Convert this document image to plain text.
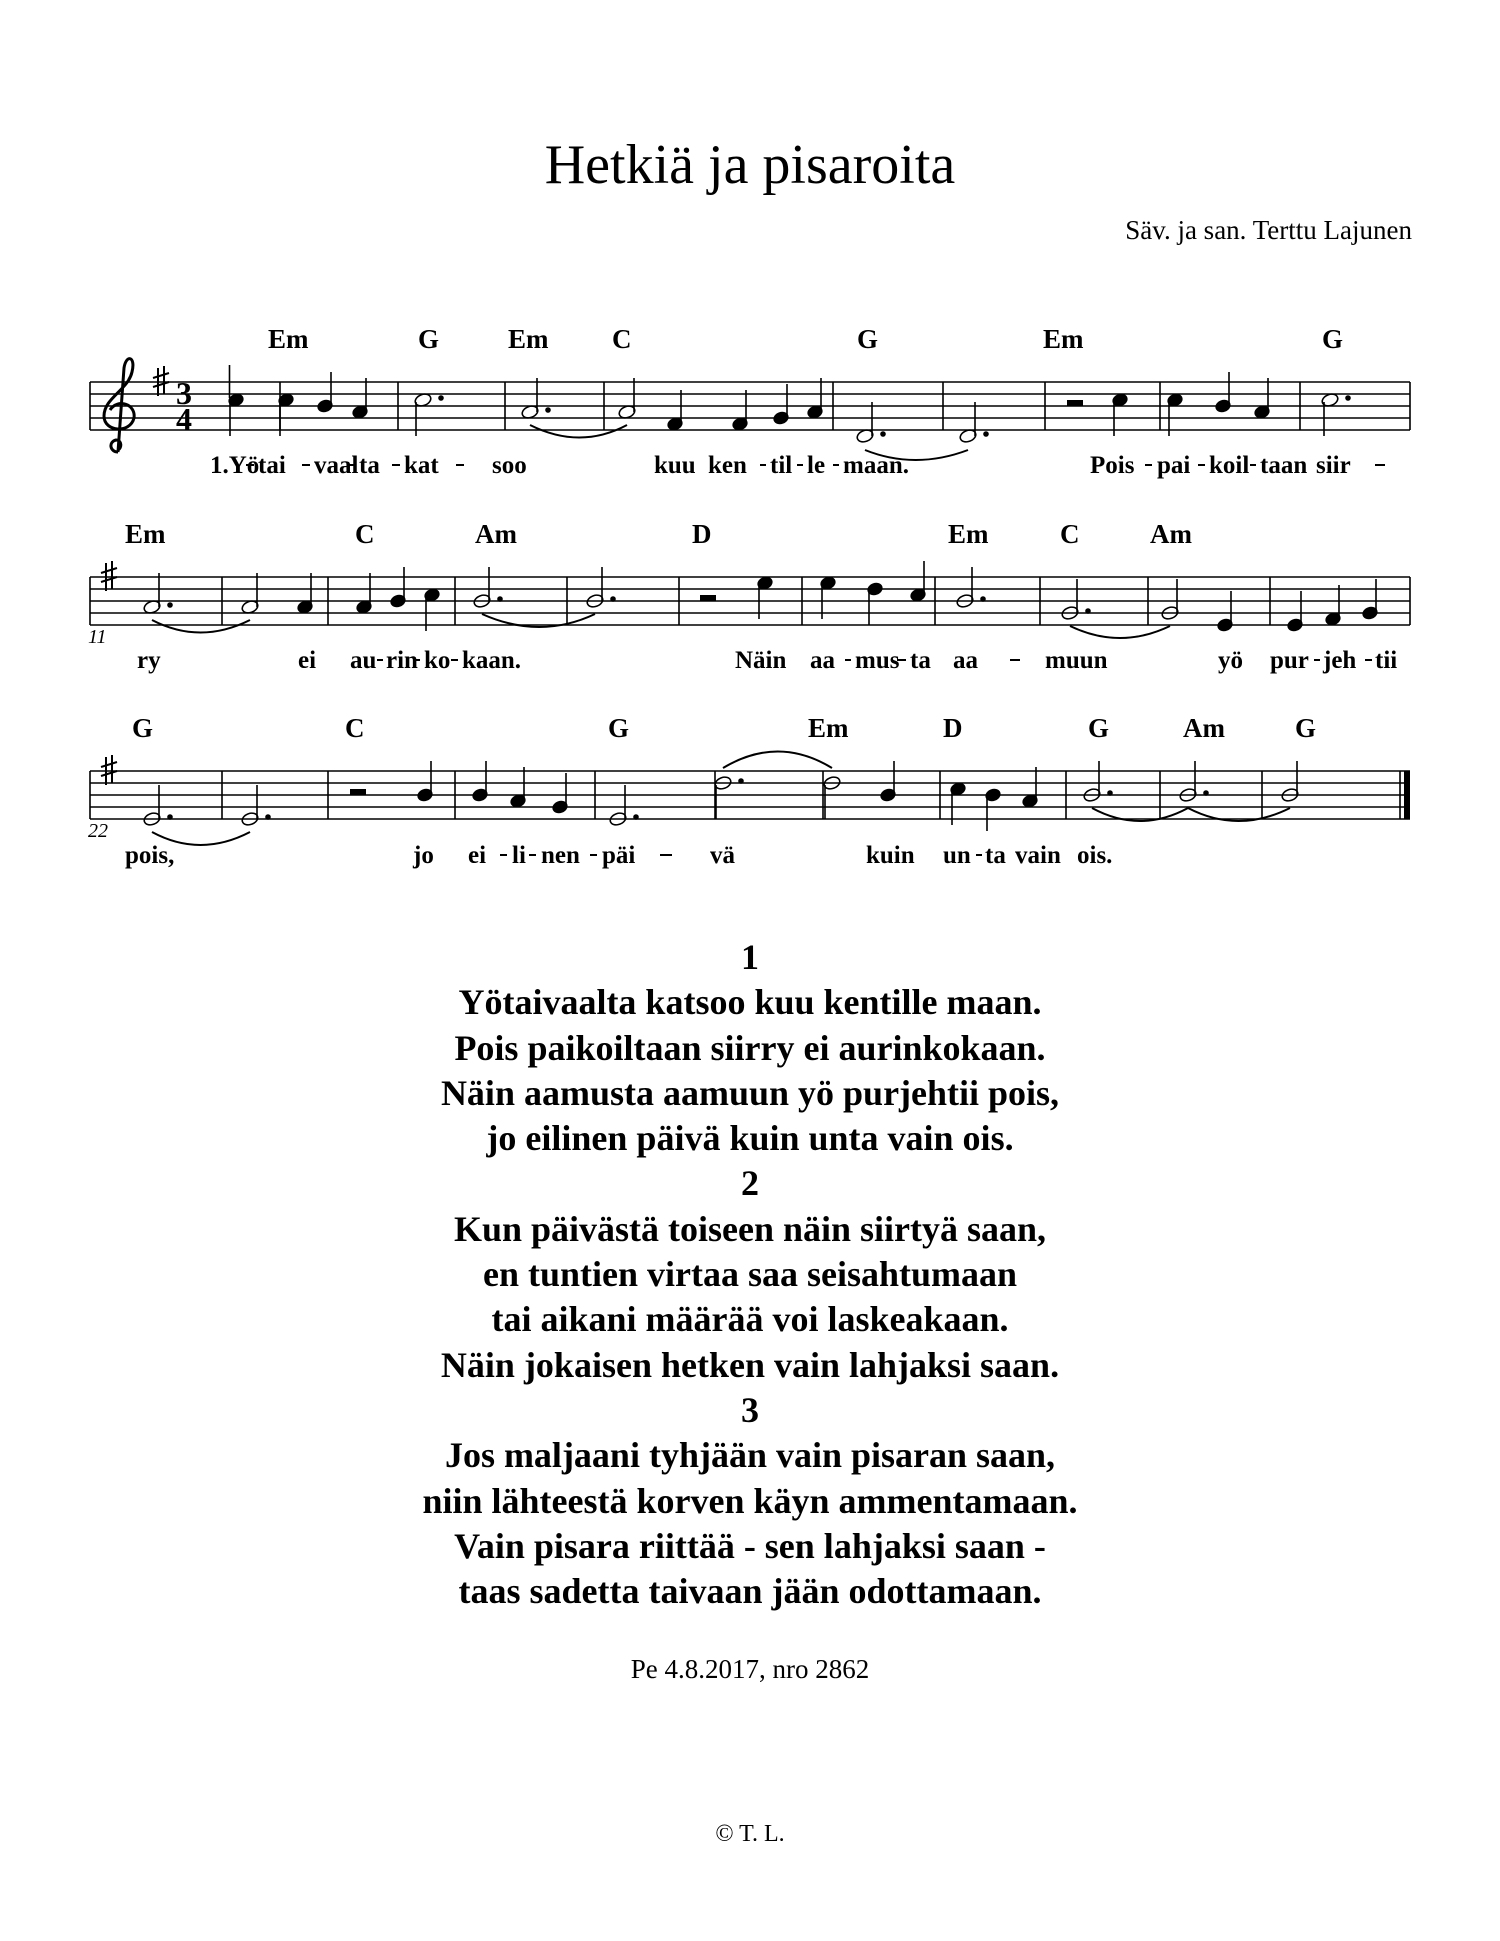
Hetkiä ja pisaroita
Säv. ja san. Terttu Lajunen
3
4
Em	G	Em C	G	Em	G
1.Yö
tai vaal ta kat soo	kuu ken til le maan.	Pois pai koil taan siir
11
Em	C	Am	D	Em	C	Am
ry	ei au rin ko kaan.	Näin aa mus ta aa	muun	yö pur jeh tii
22
G	C	G	Em	D	G	Am	G
pois,	jo ei li nen päi	vä	kuin un ta vain ois.
1
Yötaivaalta katsoo kuu kentille maan.
Pois paikoiltaan siirry ei aurinkokaan.
Näin aamusta aamuun yö purjehtii pois,
jo eilinen päivä kuin unta vain ois.
2
Kun päivästä toiseen näin siirtyä saan,
en tuntien virtaa saa seisahtumaan
tai aikani määrää voi laskeakaan.
Näin jokaisen hetken vain lahjaksi saan.
3
Jos maljaani tyhjään vain pisaran saan,
niin lähteestä korven käyn ammentamaan.
Vain pisara riittää - sen lahjaksi saan -
taas sadetta taivaan jään odottamaan.
Pe 4.8.2017, nro 2862
© T. L.
